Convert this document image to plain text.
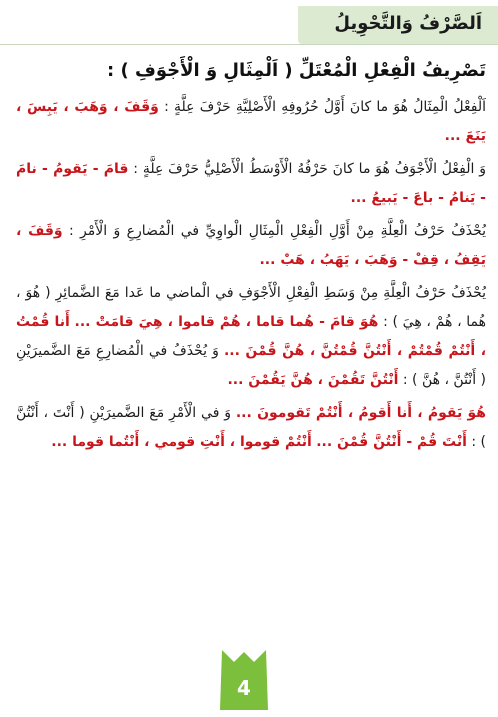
اَلصَّرْفُ وَالتَّحْوِيلُ
تَصْرِيفُ الْفِعْلِ الْمُعْتَلِّ ( اَلْمِثَالِ وَ الْأَجْوَفِ ) :

اَلْفِعْلُ الْمِثَالُ هُوَ ما كانَ أَوَّلُ حُرُوفِهِ الْأَصْلِيَّةِ حَرْفَ عِلَّةٍ : وَقَفَ ، وَهَبَ ، يَبِسَ ، يَنَعَ ...

وَ الْفِعْلُ الْأَجْوَفُ هُوَ ما كانَ حَرْفُهُ الْأَوْسَطُ الْأَصْلِيُّ حَرْفَ عِلَّةٍ : قامَ - يَقومُ - نامَ - يَنامُ - باعَ - يَبيعُ ...

يُحْذَفُ حَرْفُ الْعِلَّةِ مِنْ أَوَّلِ الْفِعْلِ الْمِثَالِ الْواوِيِّ في الْمُضارِعِ وَ الْأَمْرِ : وَقَفَ ، يَقِفُ ، قِفْ - وَهَبَ ، يَهَبُ ، هَبْ ...

يُحْذَفُ حَرْفُ الْعِلَّةِ مِنْ وَسَطِ الْفِعْلِ الْأَجْوَفِ في الْماضي ما عَدا مَعَ الضَّمائِرِ ( هُوَ ، هُما ، هُمْ ، هِيَ ) : هُوَ قامَ - هُما قاما ، هُمْ قاموا ، هِيَ قامَتْ ... أَنا قُمْتُ ، أَنْتُمْ قُمْتُمْ ، أَنْتُنَّ قُمْتُنَّ ، هُنَّ قُمْنَ ... وَ يُحْذَفُ في الْمُضارِعِ مَعَ الضَّميرَيْنِ ( أَنْتُنَّ ، هُنَّ ) : أَنْتُنَّ تَقُمْنَ ، هُنَّ يَقُمْنَ ...

هُوَ يَقومُ ، أَنا أَقومُ ، أَنْتُمْ تَقومونَ ... وَ في الْأَمْرِ مَعَ الضَّميرَيْنِ ( أَنْتَ ، أَنْتُنَّ ) : أَنْتَ قُمْ - أَنْتُنَّ قُمْنَ ... أَنْتُمْ قوموا ، أَنْتِ قومي ، أَنْتُما قوما ...

4
